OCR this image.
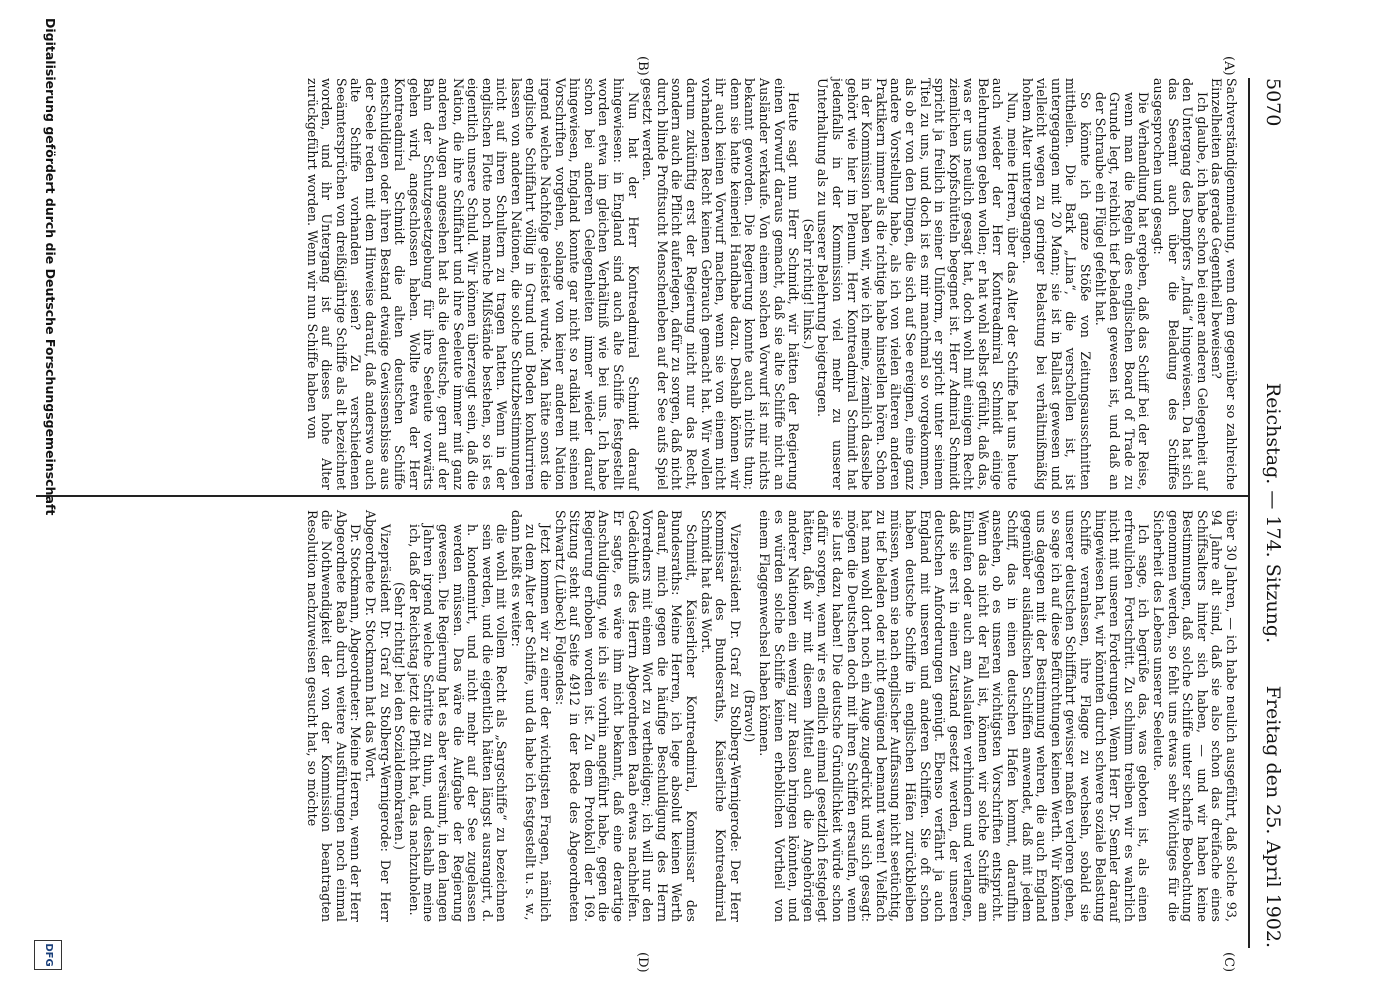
5070
Reichstag. — 174. Sitzung.
Freitag den 25. April 1902.
(A)
(B)
(C)
(D)

Sachverständigenmeinung, wenn dem gegenüber so zahlreiche Einzelheiten das gerade Gegentheil beweisen?

Ich glaube, ich habe schon bei einer anderen Gelegenheit auf den Untergang des Dampfers „India“ hingewiesen. Da hat sich das Seeamt auch über die Beladung des Schiffes ausgesprochen und gesagt:

Die Verhandlung hat ergeben, daß das Schiff bei der Reise, wenn man die Regeln des englischen Board of Trade zu Grunde legt, reichlich tief beladen gewesen ist, und daß an der Schraube ein Flügel gefehlt hat.

So könnte ich ganze Stöße von Zeitungsausschnitten mittheilen. Die Bark „Lina“, die verschollen ist, ist untergegangen mit 20 Mann; sie ist in Ballast gewesen und vielleicht wegen zu geringer Belastung bei verhältnißmäßig hohem Alter untergegangen.

Nun, meine Herren, über das Alter der Schiffe hat uns heute auch wieder der Herr Kontreadmiral Schmidt einige Belehrungen geben wollen; er hat wohl selbst gefühlt, daß das, was er uns neulich gesagt hat, doch wohl mit einigem Recht ziemlichen Kopfschütteln begegnet ist. Herr Admiral Schmidt spricht ja freilich in seiner Uniform, er spricht unter seinem Titel zu uns, und doch ist es mir manchmal so vorgekommen, als ob er von den Dingen, die sich auf See ereignen, eine ganz andere Vorstellung habe, als ich von vielen älteren anderen Praktikern immer als die richtige habe hinstellen hören. Schon in der Kommission haben wir, wie ich meine, ziemlich dasselbe gehört wie hier im Plenum. Herr Kontreadmiral Schmidt hat jedenfalls in der Kommission viel mehr zu unserer Unterhaltung als zu unserer Belehrung beigetragen.

(Sehr richtig! links.)

Heute sagt nun Herr Schmidt, wir hätten der Regierung einen Vorwurf daraus gemacht, daß sie alte Schiffe nicht an Ausländer verkaufe. Von einem solchen Vorwurf ist mir nichts bekannt geworden. Die Regierung konnte auch nichts thun; denn sie hatte keinerlei Handhabe dazu. Deshalb können wir ihr auch keinen Vorwurf machen, wenn sie von einem nicht vorhandenen Recht keinen Gebrauch gemacht hat. Wir wollen darum zukünftig erst der Regierung nicht nur das Recht, sondern auch die Pflicht auferlegen, dafür zu sorgen, daß nicht durch blinde Profitsucht Menschenleben auf der See aufs Spiel gesetzt werden.

Nun hat der Herr Kontreadmiral Schmidt darauf hingewiesen: in England sind auch alte Schiffe festgestellt worden etwa im gleichen Verhältniß wie bei uns. Ich habe schon bei anderen Gelegenheiten immer wieder darauf hingewiesen, England konnte gar nicht so radikal mit seinen Vorschriften vorgehen, solange von keiner anderen Nation irgend welche Nachfolge geleistet wurde. Man hätte sonst die englische Schiffahrt völlig in Grund und Boden konkurriren lassen von anderen Nationen, die solche Schutzbestimmungen nicht auf ihren Schultern zu tragen hatten. Wenn in der englischen Flotte noch manche Mißstände bestehen, so ist es eigentlich unsere Schuld. Wir können überzeugt sein, daß die Nation, die ihre Schiffahrt und ihre Seeleute immer mit ganz anderen Augen angesehen hat als die deutsche, gern auf der Bahn der Schutzgesetzgebung für ihre Seeleute vorwärts gehen wird, angeschlossen haben. Wollte etwa der Herr Kontreadmiral Schmidt die alten deutschen Schiffe entschuldigen oder ihren Bestand etwaige Gewissensbisse aus der Seele reden mit dem Hinweise darauf, daß anderswo auch alte Schiffe vorhanden seien? Zu verschiedenen Seeämtersprüchen von dreißigjährige Schiffe als alt bezeichnet worden, und ihr Untergang ist auf dieses hohe Alter zurückgeführt worden. Wenn wir nun Schiffe haben von

über 30 Jahren, — ich habe neulich ausgeführt, daß solche 93, 94 Jahre alt sind, daß sie also schon das dreifache eines Schiffsalters hinter sich haben, — und wir haben keine Bestimmungen, daß solche Schiffe unter scharfe Beobachtung genommen werden, so fehlt uns etwas sehr Wichtiges für die Sicherheit des Lebens unserer Seeleute.

Ich sage, ich begrüße das, was geboten ist, als einen erfreulichen Fortschritt. Zu schlimm treiben wir es wahrlich nicht mit unseren Forderungen. Wenn Herr Dr. Semler darauf hingewiesen hat, wir könnten durch schwere soziale Belastung Schiffe veranlassen, ihre Flagge zu wechseln, sobald sie unserer deutschen Schifffahrt gewisser maßen verloren gehen, so sage ich auf diese Befürchtungen keinen Werth. Wir können uns dagegen mit der Bestimmung wehren, die auch England gegenüber ausländischen Schiffen anwendet, daß mit jedem Schiff, das in einen deutschen Hafen kommt, daraufhin ansehen, ob es unseren wichtigsten Vorschriften entspricht. Wenn das nicht der Fall ist, können wir solche Schiffe am Einlaufen oder auch am Auslaufen verhindern und verlangen, daß sie erst in einen Zustand gesetzt werden, der unseren deutschen Anforderungen genügt. Ebenso verfährt ja auch England mit unseren und anderen Schiffen. Sie oft schon haben deutsche Schiffe in englischen Häfen zurückbleiben müssen, wenn sie nach englischer Auffassung nicht seetüchtig, zu tief beladen oder nicht genügend bemannt waren! Vielfach hat man wohl dort noch ein Auge zugedrückt und sich gesagt: mögen die Deutschen doch mit ihren Schiffen ersaufen, wenn sie Lust dazu haben! Die deutsche Gründlichkeit würde schon dafür sorgen, wenn wir es endlich einmal gesetzlich festgelegt hätten, daß wir mit diesem Mittel auch die Angehörigen anderer Nationen ein wenig zur Raison bringen könnten, und es würden solche Schiffe keinen erheblichen Vortheil von einem Flaggenwechsel haben können.

(Bravo!)

Vizepräsident Dr. Graf zu Stolberg-Wernigerode: Der Herr Kommissar des Bundesraths, Kaiserliche Kontreadmiral Schmidt hat das Wort.

Schmidt, Kaiserlicher Kontreadmiral, Kommissar des Bundesraths: Meine Herren, ich lege absolut keinen Werth darauf, mich gegen die häufige Beschuldigung des Herrn Vorredners mit einem Wort zu vertheidigen; ich will nur den Gedächtniß des Herrn Abgeordneten Raab etwas nachhelfen. Er sagte, es wäre ihm nicht bekannt, daß eine derartige Anschuldigung, wie ich sie vorhin angeführt habe, gegen die Regierung erhoben worden ist. Zu dem Protokoll der 169. Sitzung steht auf Seite 4912 in der Rede des Abgeordneten Schwartz (Lübeck) Folgendes:

Jetzt kommen wir zu einer der wichtigsten Fragen, nämlich zu dem Alter der Schiffe, und da habe ich festgestellt u. s. w.,

dann heißt es weiter:

die wohl mit vollem Recht als „Sargschiffe“ zu bezeichnen sein werden, und die eigentlich hätten längst ausrangirt, d. h. kondemnirt, und nicht mehr auf der See zugelassen werden müssen. Das wäre die Aufgabe der Regierung gewesen. Die Regierung hat es aber versäumt, in den langen Jahren irgend welche Schritte zu thun, und deshalb meine ich, daß der Reichstag jetzt die Pflicht hat, das nachzuholen.

(Sehr richtig! bei den Sozialdemokraten.)

Vizepräsident Dr. Graf zu Stolberg-Wernigerode: Der Herr Abgeordnete Dr. Stockmann hat das Wort.

Dr. Stockmann, Abgeordneter: Meine Herren, wenn der Herr Abgeordnete Raab durch weitere Ausführungen noch einmal die Nothwendigkeit der von der Kommission beantragten Resolution nachzuweisen gesucht hat, so möchte

Digitalisierung gefördert durch die Deutsche Forschungsgemeinschaft
DFG
